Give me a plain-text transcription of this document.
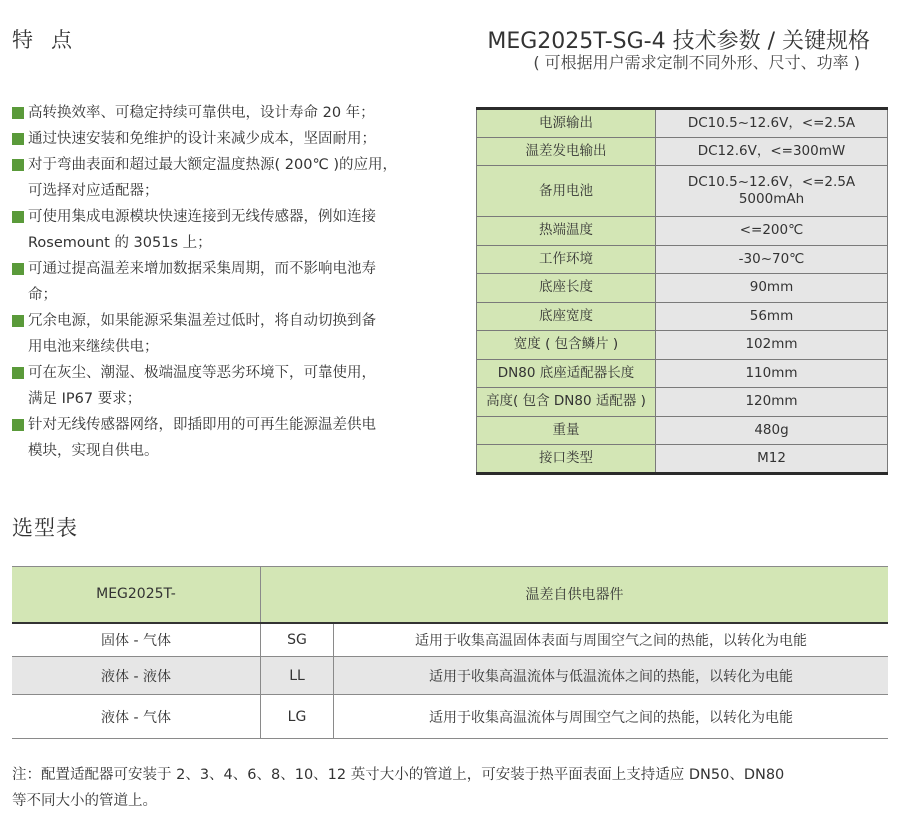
特点
高转换效率、可稳定持续可靠供电，设计寿命 20 年；
通过快速安装和免维护的设计来减少成本，坚固耐用；
对于弯曲表面和超过最大额定温度热源( 200℃ )的应用，
可选择对应适配器；
可使用集成电源模块快速连接到无线传感器，例如连接
Rosemount 的 3051s 上；
可通过提高温差来增加数据采集周期，而不影响电池寿
命；
冗余电源，如果能源采集温差过低时，将自动切换到备
用电池来继续供电；
可在灰尘、潮湿、极端温度等恶劣环境下，可靠使用，
满足 IP67 要求；
针对无线传感器网络，即插即用的可再生能源温差供电
模块，实现自供电。
MEG2025T-SG-4 技术参数 / 关键规格
( 可根据用户需求定制不同外形、尺寸、功率 )
电源输出	DC10.5~12.6V，<=2.5A
温差发电输出	DC12.6V，<=300mW
备用电池	DC10.5~12.6V，<=2.5A
5000mAh
热端温度	<=200℃
工作环境	-30~70℃
底座长度	90mm
底座宽度	56mm
宽度 ( 包含鳞片 )	102mm
DN80 底座适配器长度	110mm
高度( 包含 DN80 适配器 )	120mm
重量	480g
接口类型	M12
选型表
MEG2025T-	温差自供电器件	
固体 - 气体	SG	适用于收集高温固体表面与周围空气之间的热能，以转化为电能
液体 - 液体	LL	适用于收集高温流体与低温流体之间的热能，以转化为电能
液体 - 气体	LG	适用于收集高温流体与周围空气之间的热能，以转化为电能
注：配置适配器可安装于 2、3、4、6、8、10、12 英寸大小的管道上，可安装于热平面表面上支持适应 DN50、DN80
等不同大小的管道上。
